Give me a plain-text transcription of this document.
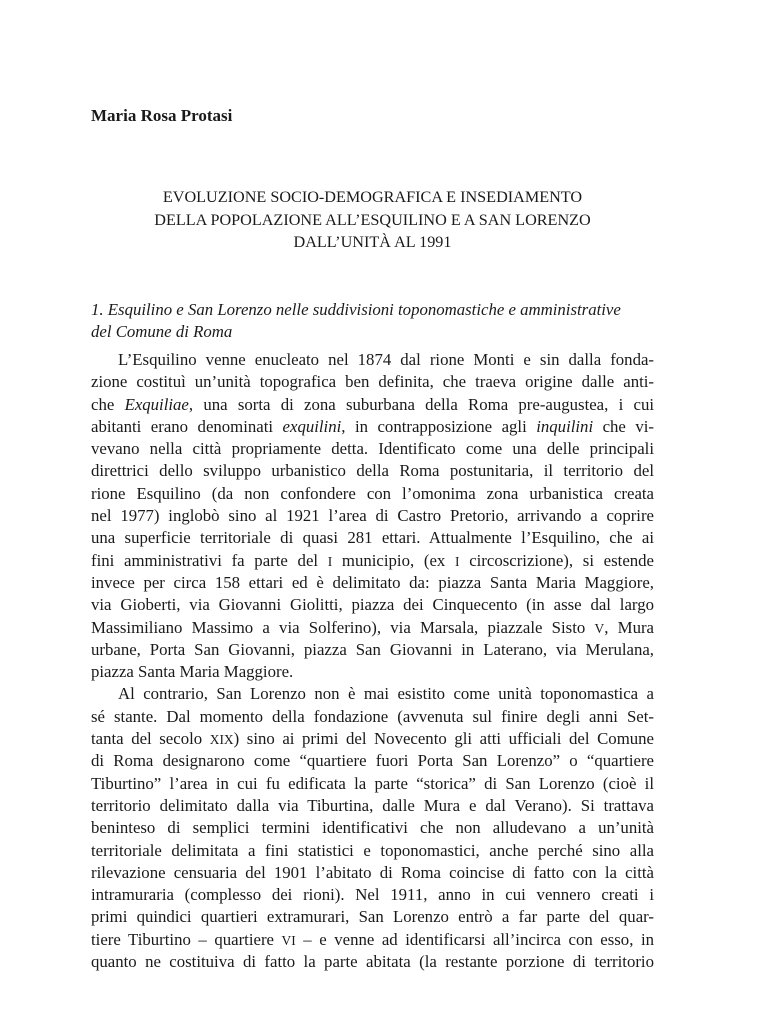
Maria Rosa Protasi
EVOLUZIONE SOCIO-DEMOGRAFICA E INSEDIAMENTO
DELLA POPOLAZIONE ALL’ESQUILINO E A SAN LORENZO
DALL’UNITÀ AL 1991
1. Esquilino e San Lorenzo nelle suddivisioni toponomastiche e amministrative
del Comune di Roma
L’Esquilino venne enucleato nel 1874 dal rione Monti e sin dalla fonda-
zione costituì un’unità topografica ben definita, che traeva origine dalle anti-
che Exquiliae, una sorta di zona suburbana della Roma pre-augustea, i cui
abitanti erano denominati exquilini, in contrapposizione agli inquilini che vi-
vevano nella città propriamente detta. Identificato come una delle principali
direttrici dello sviluppo urbanistico della Roma postunitaria, il territorio del
rione Esquilino (da non confondere con l’omonima zona urbanistica creata
nel 1977) inglobò sino al 1921 l’area di Castro Pretorio, arrivando a coprire
una superficie territoriale di quasi 281 ettari. Attualmente l’Esquilino, che ai
fini amministrativi fa parte del I municipio, (ex I circoscrizione), si estende
invece per circa 158 ettari ed è delimitato da: piazza Santa Maria Maggiore,
via Gioberti, via Giovanni Giolitti, piazza dei Cinquecento (in asse dal largo
Massimiliano Massimo a via Solferino), via Marsala, piazzale Sisto V, Mura
urbane, Porta San Giovanni, piazza San Giovanni in Laterano, via Merulana,
piazza Santa Maria Maggiore.
Al contrario, San Lorenzo non è mai esistito come unità toponomastica a
sé stante. Dal momento della fondazione (avvenuta sul finire degli anni Set-
tanta del secolo XIX) sino ai primi del Novecento gli atti ufficiali del Comune
di Roma designarono come “quartiere fuori Porta San Lorenzo” o “quartiere
Tiburtino” l’area in cui fu edificata la parte “storica” di San Lorenzo (cioè il
territorio delimitato dalla via Tiburtina, dalle Mura e dal Verano). Si trattava
beninteso di semplici termini identificativi che non alludevano a un’unità
territoriale delimitata a fini statistici e toponomastici, anche perché sino alla
rilevazione censuaria del 1901 l’abitato di Roma coincise di fatto con la città
intramuraria (complesso dei rioni). Nel 1911, anno in cui vennero creati i
primi quindici quartieri extramurari, San Lorenzo entrò a far parte del quar-
tiere Tiburtino – quartiere VI – e venne ad identificarsi all’incirca con esso, in
quanto ne costituiva di fatto la parte abitata (la restante porzione di territorio
